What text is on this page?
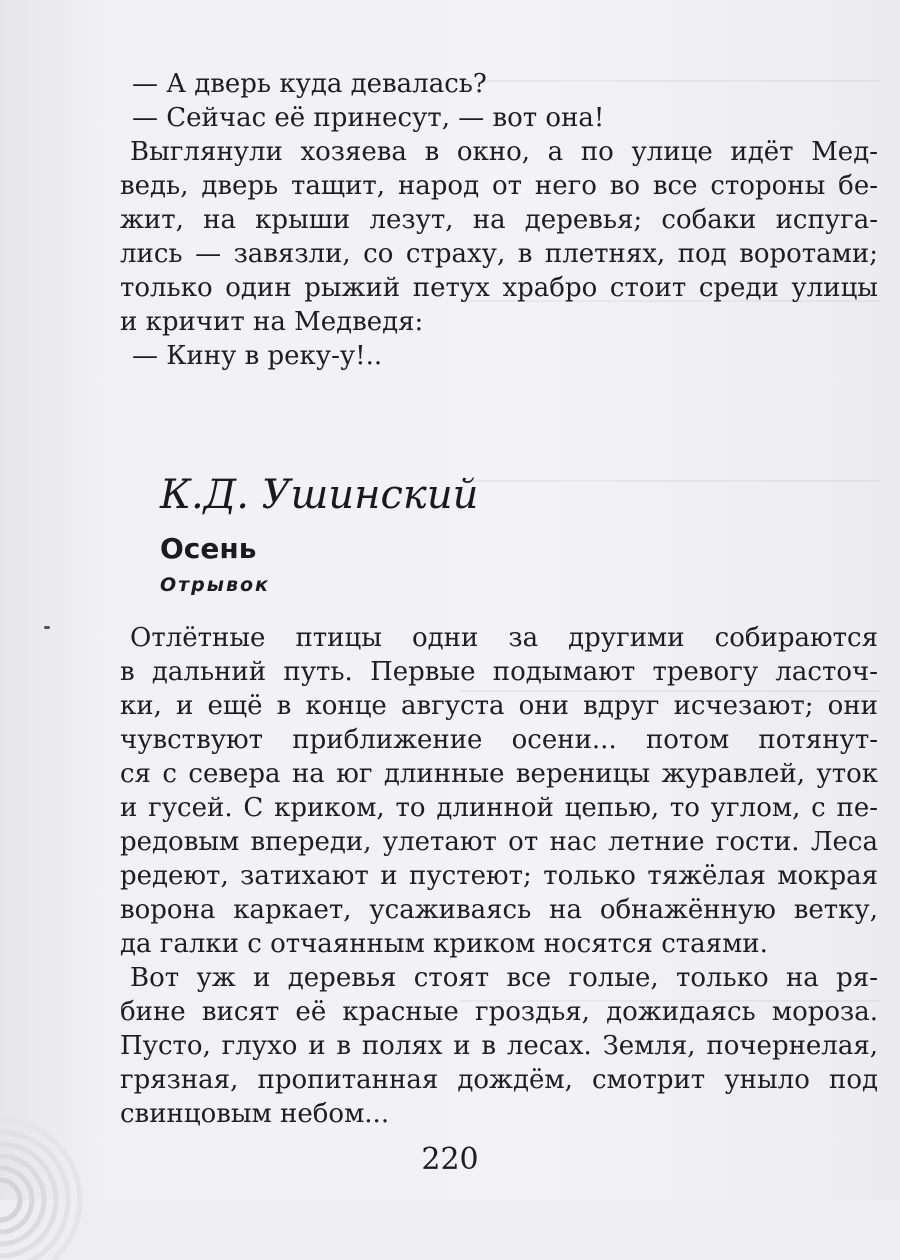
— А дверь куда девалась?
— Сейчас её принесут, — вот она!
Выглянули хозяева в окно, а по улице идёт Мед-
ведь, дверь тащит, народ от него во все стороны бе-
жит, на крыши лезут, на деревья; собаки испуга-
лись — завязли, со страху, в плетнях, под воротами;
только один рыжий петух храбро стоит среди улицы
и кричит на Медведя:
— Кину в реку-у!..
К.Д. Ушинский
Осень
Отрывок
Отлётные птицы одни за другими собираются
в дальний путь. Первые подымают тревогу ласточ-
ки, и ещё в конце августа они вдруг исчезают; они
чувствуют приближение осени... потом потянут-
ся с севера на юг длинные вереницы журавлей, уток
и гусей. С криком, то длинной цепью, то углом, с пе-
редовым впереди, улетают от нас летние гости. Леса
редеют, затихают и пустеют; только тяжёлая мокрая
ворона каркает, усаживаясь на обнажённую ветку,
да галки с отчаянным криком носятся стаями.
Вот уж и деревья стоят все голые, только на ря-
бине висят её красные гроздья, дожидаясь мороза.
Пусто, глухо и в полях и в лесах. Земля, почернелая,
грязная, пропитанная дождём, смотрит уныло под
свинцовым небом...
220
